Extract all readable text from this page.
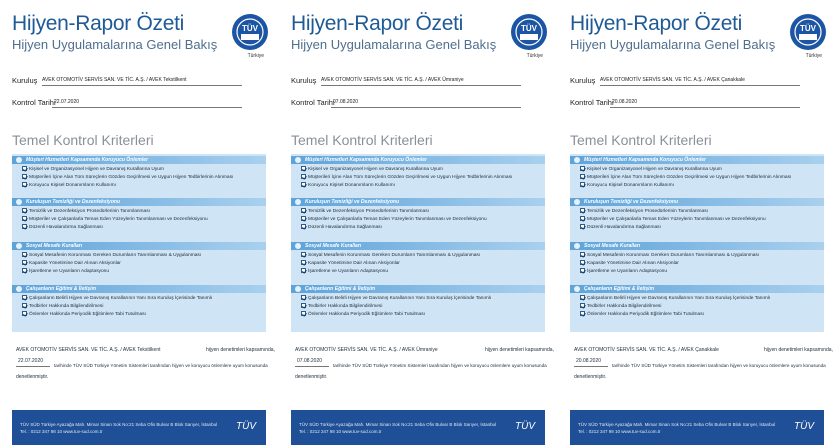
Hijyen-Rapor Özeti
Hijyen Uygulamalarına Genel Bakış
TÜV
Türkiye
Kuruluş AVEK OTOMOTİV SERVİS SAN. VE TİC. A.Ş. / AVEK Tekstilkent
Kontrol Tarihi
22.07.2020
Temel Kontrol Kriterleri
Müşteri Hizmetleri Kapsamında Koruyucu Önlemler
Kişisel ve Organizasyonel Hijyen ve Davranış Kurallarına Uyum
Müşterileri İçine Alan Tüm Süreçlerin Gözden Geçirilmesi ve Uygun Hijyen Tedbirlerinin Alınması
Koruyucu Kişisel Donanımların Kullanımı
Kuruluşun Temizliği ve Dezenfeksiyonu
Temizlik ve Dezenfeksiyon Prosedürlerinin Tanımlanması
Müşteriler ve Çalışanlarla Temas Eden Yüzeylerin Tanımlanması ve Dezenfeksiyonu
Düzenli Havalandırma Sağlanması
Sosyal Mesafe Kuralları
Sosyal Mesafenin Korunması Gereken Durumların Tanımlanması & Uygulanması
Kapasite Yönetimine Dair Alınan Aksiyonlar
İşaretleme ve Uyarıların Adaptasyonu
Çalışanların Eğitimi & İletişim
Çalışanların Belirli Hijyen ve Davranış Kurallarının Yanı Sıra Kuruluş İçerisinde Tanımlı
Tedbirler Hakkında Bilgilendirilmesi
Önlemler Hakkında Periyodik Eğitimlere Tabi Tutulması
AVEK OTOMOTİV SERVİS SAN. VE TİC. A.Ş. / AVEK Tekstilkent	hijyen denetimleri kapsamında,
22.07.2020
tarihinde TÜV SÜD Türkiye Yönetim Sistemleri tarafından hijyen ve koruyucu önlemlere uyum konusunda
denetlenmiştir.
TÜV SÜD Türkiye Ayazağa Mah. Mimar Sinan Sok No:21 Seba Ofis Bulvar B Blok Sarıyer, İstanbul
Tel. : 0212 347 98 10 www.tuv-sud.com.tr	TÜV
Hijyen-Rapor Özeti
Hijyen Uygulamalarına Genel Bakış
TÜV
Türkiye
Kuruluş AVEK OTOMOTİV SERVİS SAN. VE TİC. A.Ş. / AVEK Ümraniye
Kontrol Tarihi
07.08.2020
Temel Kontrol Kriterleri
Müşteri Hizmetleri Kapsamında Koruyucu Önlemler
Kişisel ve Organizasyonel Hijyen ve Davranış Kurallarına Uyum
Müşterileri İçine Alan Tüm Süreçlerin Gözden Geçirilmesi ve Uygun Hijyen Tedbirlerinin Alınması
Koruyucu Kişisel Donanımların Kullanımı
Kuruluşun Temizliği ve Dezenfeksiyonu
Temizlik ve Dezenfeksiyon Prosedürlerinin Tanımlanması
Müşteriler ve Çalışanlarla Temas Eden Yüzeylerin Tanımlanması ve Dezenfeksiyonu
Düzenli Havalandırma Sağlanması
Sosyal Mesafe Kuralları
Sosyal Mesafenin Korunması Gereken Durumların Tanımlanması & Uygulanması
Kapasite Yönetimine Dair Alınan Aksiyonlar
İşaretleme ve Uyarıların Adaptasyonu
Çalışanların Eğitimi & İletişim
Çalışanların Belirli Hijyen ve Davranış Kurallarının Yanı Sıra Kuruluş İçerisinde Tanımlı
Tedbirler Hakkında Bilgilendirilmesi
Önlemler Hakkında Periyodik Eğitimlere Tabi Tutulması
AVEK OTOMOTİV SERVİS SAN. VE TİC. A.Ş. / AVEK Ümraniye	hijyen denetimleri kapsamında,
07.08.2020
tarihinde TÜV SÜD Türkiye Yönetim Sistemleri tarafından hijyen ve koruyucu önlemlere uyum konusunda
denetlenmiştir.
TÜV SÜD Türkiye Ayazağa Mah. Mimar Sinan Sok No:21 Seba Ofis Bulvar B Blok Sarıyer, İstanbul
Tel. : 0212 347 98 10 www.tuv-sud.com.tr	TÜV
Hijyen-Rapor Özeti
Hijyen Uygulamalarına Genel Bakış
TÜV
Türkiye
Kuruluş AVEK OTOMOTİV SERVİS SAN. VE TİC. A.Ş. / AVEK Çanakkale
Kontrol Tarihi
20.08.2020
Temel Kontrol Kriterleri
Müşteri Hizmetleri Kapsamında Koruyucu Önlemler
Kişisel ve Organizasyonel Hijyen ve Davranış Kurallarına Uyum
Müşterileri İçine Alan Tüm Süreçlerin Gözden Geçirilmesi ve Uygun Hijyen Tedbirlerinin Alınması
Koruyucu Kişisel Donanımların Kullanımı
Kuruluşun Temizliği ve Dezenfeksiyonu
Temizlik ve Dezenfeksiyon Prosedürlerinin Tanımlanması
Müşteriler ve Çalışanlarla Temas Eden Yüzeylerin Tanımlanması ve Dezenfeksiyonu
Düzenli Havalandırma Sağlanması
Sosyal Mesafe Kuralları
Sosyal Mesafenin Korunması Gereken Durumların Tanımlanması & Uygulanması
Kapasite Yönetimine Dair Alınan Aksiyonlar
İşaretleme ve Uyarıların Adaptasyonu
Çalışanların Eğitimi & İletişim
Çalışanların Belirli Hijyen ve Davranış Kurallarının Yanı Sıra Kuruluş İçerisinde Tanımlı
Tedbirler Hakkında Bilgilendirilmesi
Önlemler Hakkında Periyodik Eğitimlere Tabi Tutulması
AVEK OTOMOTİV SERVİS SAN. VE TİC. A.Ş. / AVEK Çanakkale	hijyen denetimleri kapsamında,
20.08.2020
tarihinde TÜV SÜD Türkiye Yönetim Sistemleri tarafından hijyen ve koruyucu önlemlere uyum konusunda
denetlenmiştir.
TÜV SÜD Türkiye Ayazağa Mah. Mimar Sinan Sok No:21 Seba Ofis Bulvar B Blok Sarıyer, İstanbul
Tel. : 0212 347 98 10 www.tuv-sud.com.tr	TÜV
